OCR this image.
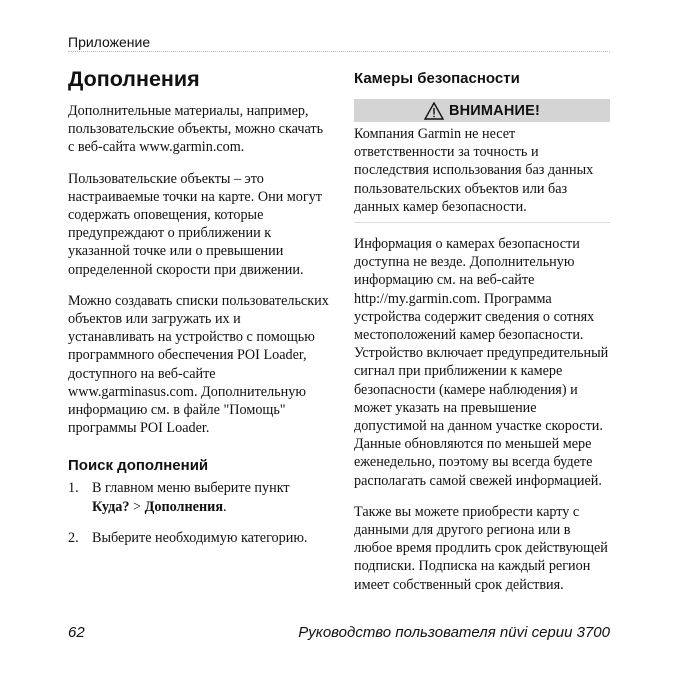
Приложение
Дополнения

Дополнительные материалы, например, пользовательские объекты, можно скачать с веб-сайта www.garmin.com.

Пользовательские объекты – это настраиваемые точки на карте. Они могут содержать оповещения, которые предупреждают о приближении к указанной точке или о превышении определенной скорости при движении.

Можно создавать списки пользовательских объектов или загружать их и устанавливать на устройство с помощью программного обеспечения POI Loader, доступного на веб-сайте www.garminasus.com. Дополнительную информацию см. в файле "Помощь" программы POI Loader.

Поиск дополнений
1. В главном меню выберите пункт
Куда? > Дополнения.
2. Выберите необходимую категорию.
Камеры безопасности
ВНИМАНИЕ!

Компания Garmin не несет ответственности за точность и последствия использования баз данных пользовательских объектов или баз данных камер безопасности.

Информация о камерах безопасности доступна не везде. Дополнительную информацию см. на веб-сайте http://my.garmin.com. Программа устройства содержит сведения о сотнях местоположений камер безопасности. Устройство включает предупредительный сигнал при приближении к камере безопасности (камере наблюдения) и может указать на превышение допустимой на данном участке скорости. Данные обновляются по меньшей мере еженедельно, поэтому вы всегда будете располагать самой свежей информацией.

Также вы можете приобрести карту с данными для другого региона или в любое время продлить срок действующей подписки. Подписка на каждый регион имеет собственный срок действия.

62	Руководство пользователя nüvi серии 3700
